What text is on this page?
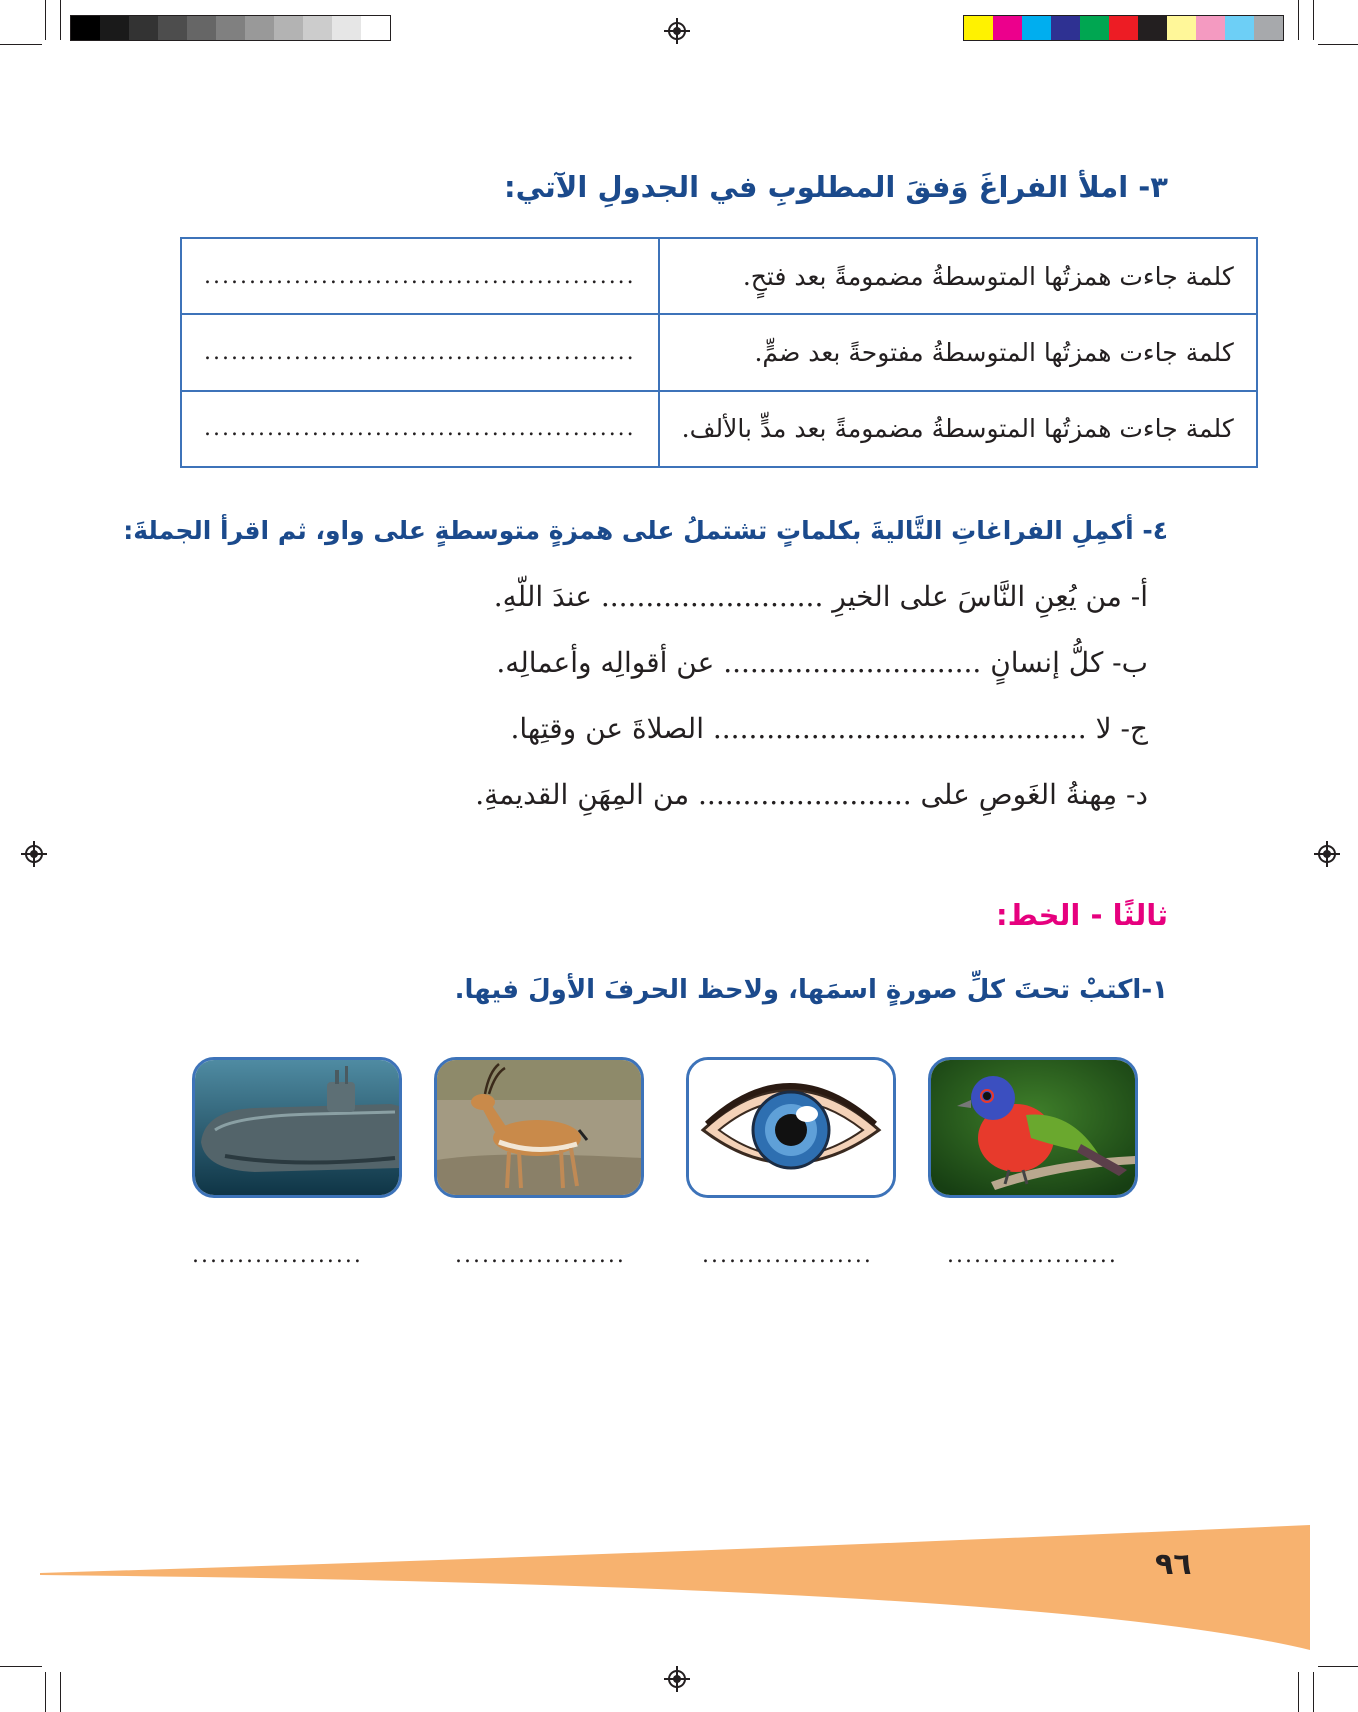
٣- املأ الفراغَ وَفقَ المطلوبِ في الجدولِ الآتي:
كلمة جاءت همزتُها المتوسطةُ مضمومةً بعد فتحٍ.	................................................
كلمة جاءت همزتُها المتوسطةُ مفتوحةً بعد ضمٍّ.	................................................
كلمة جاءت همزتُها المتوسطةُ مضمومةً بعد مدٍّ بالألف.	................................................
٤- أكمِلِ الفراغاتِ التَّاليةَ بكلماتٍ تشتملُ على همزةٍ متوسطةٍ على واو، ثم اقرأ الجملةَ:
أ- من يُعِنِ النَّاسَ على الخيرِ ......................... عندَ اللّهِ.
ب- كلُّ إنسانٍ ............................. عن أقوالِه وأعمالِه.
ج- لا .......................................... الصلاةَ عن وقتِها.
د- مِهنةُ الغَوصِ على ........................ من المِهَنِ القديمةِ.
ثالثًا - الخط:
١-اكتبْ تحتَ كلِّ صورةٍ اسمَها، ولاحظ الحرفَ الأولَ فيها.
...................
...................
...................
...................
٩٦
